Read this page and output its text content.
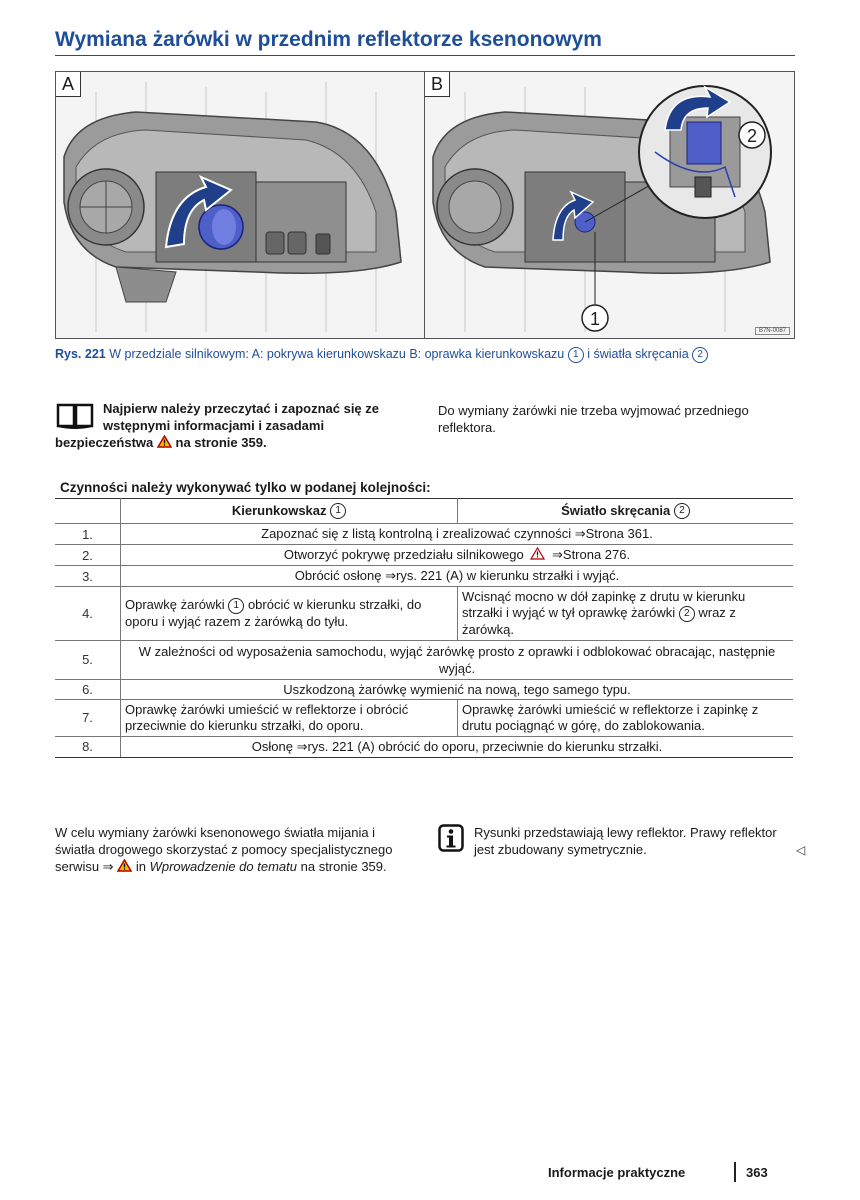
Wymiana żarówki w przednim reflektorze ksenonowym
A
2
1
B
B7N-0087
Rys. 221 W przedziale silnikowym: A: pokrywa kierunkowskazu B: oprawka kierunkowskazu 1 i światła skręcania 2
Najpierw należy przeczytać i zapoznać się ze wstępnymi informacjami i zasadami bezpieczeństwa na stronie 359.
Do wymiany żarówki nie trzeba wyjmować przedniego reflektora.
Czynności należy wykonywać tylko w podanej kolejności:
	Kierunkowskaz 1	Światło skręcania 2
1.	Zapoznać się z listą kontrolną i zrealizować czynności ⇒Strona 361.	
2.	Otworzyć pokrywę przedziału silnikowego ⇒Strona 276.	
3.	Obrócić osłonę ⇒rys. 221 (A) w kierunku strzałki i wyjąć.	
4.	Oprawkę żarówki 1 obrócić w kierunku strzałki, do oporu i wyjąć razem z żarówką do tyłu.	Wcisnąć mocno w dół zapinkę z drutu w kierunku strzałki i wyjąć w tył oprawkę żarówki 2 wraz z żarówką.
5.	W zależności od wyposażenia samochodu, wyjąć żarówkę prosto z oprawki i odblokować obracając, następnie wyjąć.	
6.	Uszkodzoną żarówkę wymienić na nową, tego samego typu.	
7.	Oprawkę żarówki umieścić w reflektorze i obrócić przeciwnie do kierunku strzałki, do oporu.	Oprawkę żarówki umieścić w reflektorze i zapinkę z drutu pociągnąć w górę, do zablokowania.
8.	Osłonę ⇒rys. 221 (A) obrócić do oporu, przeciwnie do kierunku strzałki.	
W celu wymiany żarówki ksenonowego światła mijania i światła drogowego skorzystać z pomocy specjalistycznego serwisu ⇒ in Wprowadzenie do tematu na stronie 359.
Rysunki przedstawiają lewy reflektor. Prawy reflektor jest zbudowany symetrycznie.	◁
Informacje praktyczne	363
